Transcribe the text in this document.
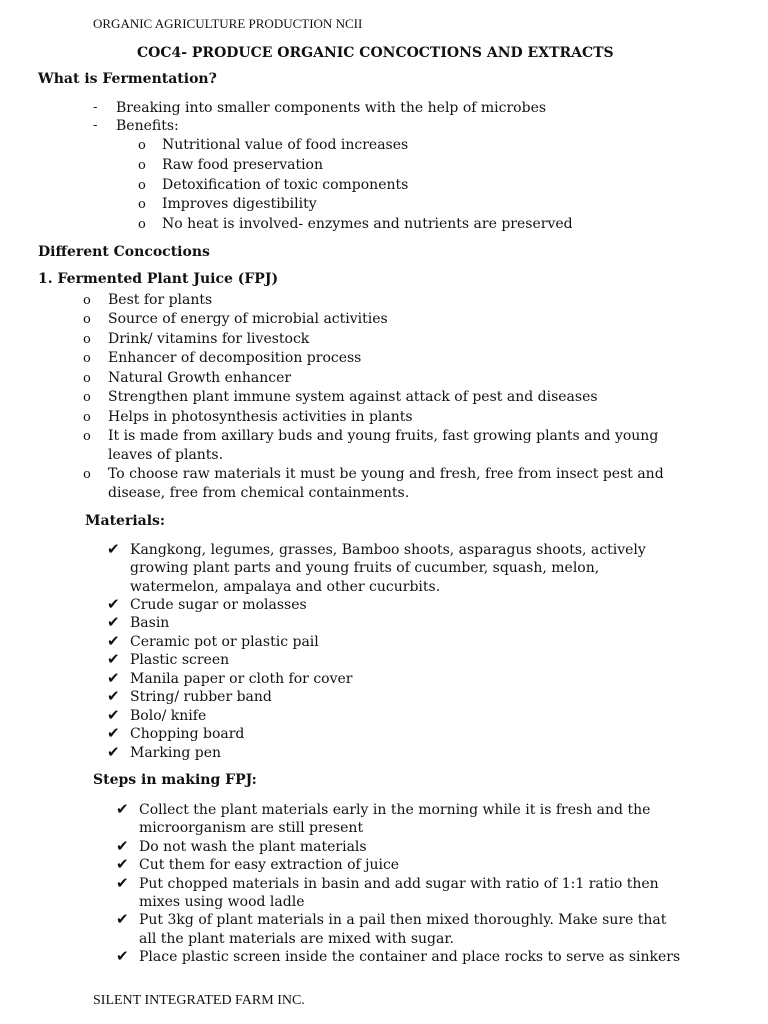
ORGANIC AGRICULTURE PRODUCTION NCII
COC4- PRODUCE ORGANIC CONCOCTIONS AND EXTRACTS
What is Fermentation?
- Breaking into smaller components with the help of microbes
- Benefits:
o Nutritional value of food increases
o Raw food preservation
o Detoxification of toxic components
o Improves digestibility
o No heat is involved- enzymes and nutrients are preserved
Different Concoctions
1. Fermented Plant Juice (FPJ)
o Best for plants
o Source of energy of microbial activities
o Drink/ vitamins for livestock
o Enhancer of decomposition process
o Natural Growth enhancer
o Strengthen plant immune system against attack of pest and diseases
o Helps in photosynthesis activities in plants
o It is made from axillary buds and young fruits, fast growing plants and young
leaves of plants.
o To choose raw materials it must be young and fresh, free from insect pest and
disease, free from chemical containments.
Materials:
✔ Kangkong, legumes, grasses, Bamboo shoots, asparagus shoots, actively
growing plant parts and young fruits of cucumber, squash, melon,
watermelon, ampalaya and other cucurbits.
✔ Crude sugar or molasses
✔ Basin
✔ Ceramic pot or plastic pail
✔ Plastic screen
✔ Manila paper or cloth for cover
✔ String/ rubber band
✔ Bolo/ knife
✔ Chopping board
✔ Marking pen
Steps in making FPJ:
✔ Collect the plant materials early in the morning while it is fresh and the
microorganism are still present
✔ Do not wash the plant materials
✔ Cut them for easy extraction of juice
✔ Put chopped materials in basin and add sugar with ratio of 1:1 ratio then
mixes using wood ladle
✔ Put 3kg of plant materials in a pail then mixed thoroughly. Make sure that
all the plant materials are mixed with sugar.
✔ Place plastic screen inside the container and place rocks to serve as sinkers
SILENT INTEGRATED FARM INC.
